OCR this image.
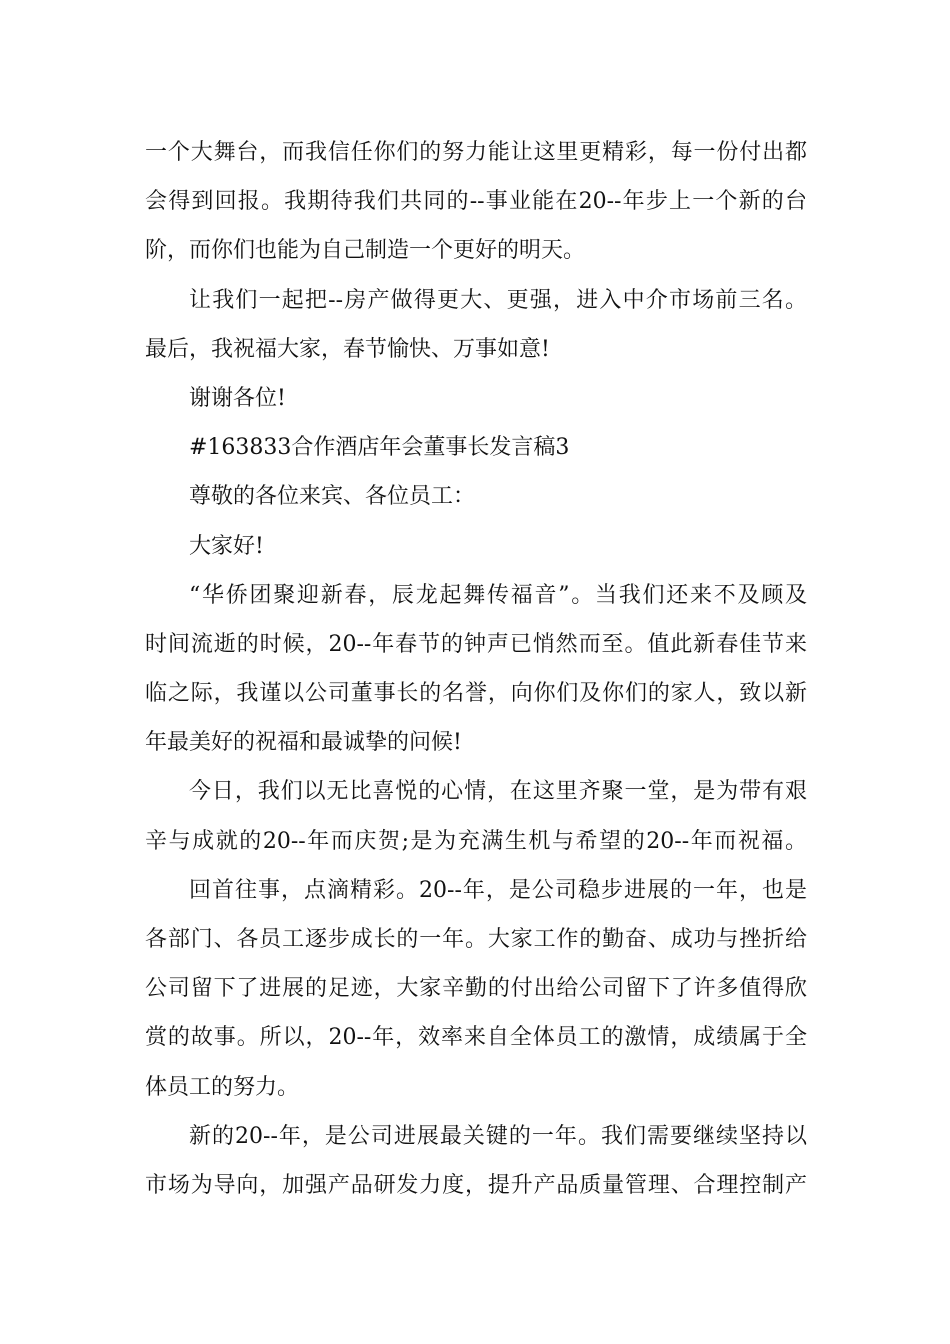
一个大舞台，而我信任你们的努力能让这里更精彩，每一份付出都
会得到回报。我期待我们共同的--事业能在20--年步上一个新的台
阶，而你们也能为自己制造一个更好的明天。
让我们一起把--房产做得更大、更强，进入中介市场前三名。
最后，我祝福大家，春节愉快、万事如意!
谢谢各位!
#163833合作酒店年会董事长发言稿3
尊敬的各位来宾、各位员工：
大家好!
“华侨团聚迎新春，辰龙起舞传福音”。当我们还来不及顾及
时间流逝的时候，20--年春节的钟声已悄然而至。值此新春佳节来
临之际，我谨以公司董事长的名誉，向你们及你们的家人，致以新
年最美好的祝福和最诚挚的问候!
今日，我们以无比喜悦的心情，在这里齐聚一堂，是为带有艰
辛与成就的20--年而庆贺;是为充满生机与希望的20--年而祝福。
回首往事，点滴精彩。20--年，是公司稳步进展的一年，也是
各部门、各员工逐步成长的一年。大家工作的勤奋、成功与挫折给
公司留下了进展的足迹，大家辛勤的付出给公司留下了许多值得欣
赏的故事。所以，20--年，效率来自全体员工的激情，成绩属于全
体员工的努力。
新的20--年，是公司进展最关键的一年。我们需要继续坚持以
市场为导向，加强产品研发力度，提升产品质量管理、合理控制产
